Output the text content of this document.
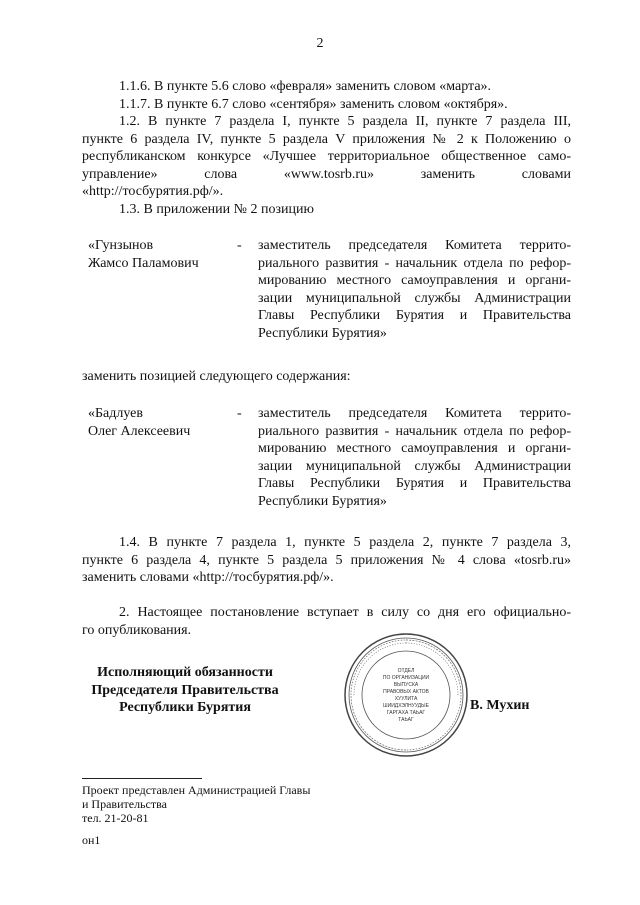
2

1.1.6. В пункте 5.6 слово «февраля» заменить словом «марта».

1.1.7. В пункте 6.7 слово «сентября» заменить словом «октября».

1.2. В пункте 7 раздела I, пункте 5 раздела II, пункте 7 раздела III,
пункте 6 раздела IV, пункте 5 раздела V приложения № 2 к Положению о
республиканском конкурсе «Лучшее территориальное общественное само-
управление» слова «www.tosrb.ru» заменить словами
«http://тосбурятия.рф/».

1.3. В приложении № 2 позицию

«Гунзынов
Жамсо Паламович
- заместитель председателя Комитета террито-
риального развития - начальник отдела по рефор-
мированию местного самоуправления и органи-
зации муниципальной службы Администрации
Главы Республики Бурятия и Правительства
Республики Бурятия»
заменить позицией следующего содержания:
«Бадлуев
Олег Алексеевич
- заместитель председателя Комитета террито-
риального развития - начальник отдела по рефор-
мированию местного самоуправления и органи-
зации муниципальной службы Администрации
Главы Республики Бурятия и Правительства
Республики Бурятия»
1.4. В пункте 7 раздела 1, пункте 5 раздела 2, пункте 7 раздела 3,
пункте 6 раздела 4, пункте 5 раздела 5 приложения № 4 слова «tosrb.ru»
заменить словами «http://тосбурятия.рф/».
2. Настоящее постановление вступает в силу со дня его официально-
го опубликования.
Исполняющий обязанности
Председателя Правительства
Республики Бурятия
ОТДЕЛ
ПО ОРГАНИЗАЦИИ
ВЫПУСКА
ПРАВОВЫХ АКТОВ
ХУУЛИТА
ШИИДХЭЛНУУДЫЕ
ГАРГАХА ТАЬАГ
ТАЬАГ
В. Мухин
Проект представлен Администрацией Главы
и Правительства
тел. 21-20-81
он1
